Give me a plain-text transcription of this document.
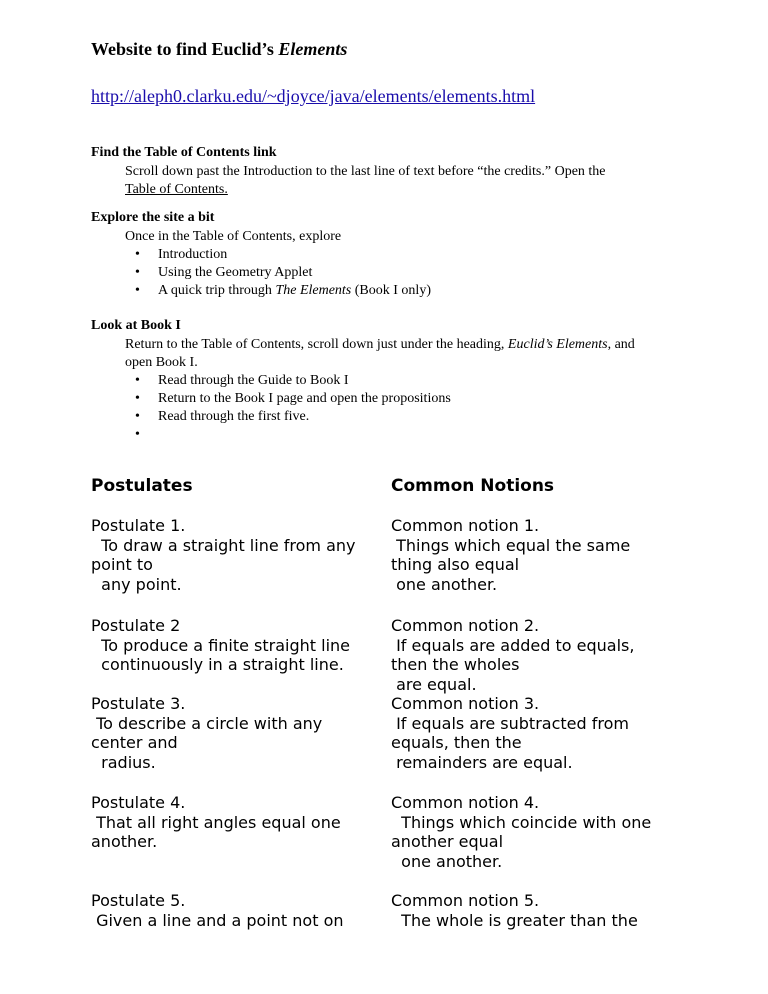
Website to find Euclid’s Elements
http://aleph0.clarku.edu/~djoyce/java/elements/elements.html
Find the Table of Contents link
Scroll down past the Introduction to the last line of text before “the credits.” Open the
Table of Contents.
Explore the site a bit
Once in the Table of Contents, explore
• Introduction
• Using the Geometry Applet
• A quick trip through The Elements (Book I only)
Look at Book I
Return to the Table of Contents, scroll down just under the heading, Euclid’s Elements, and
open Book I.
• Read through the Guide to Book I
• Return to the Book I page and open the propositions
• Read through the first five.
•
Postulates	Common Notions
Postulate 1.
To draw a straight line from any
point to
any point.
Postulate 2
To produce a finite straight line
continuously in a straight line.
Postulate 3.
To describe a circle with any
center and
radius.
Postulate 4.
That all right angles equal one
another.
Postulate 5.
Given a line and a point not on
Common notion 1.
Things which equal the same
thing also equal
one another.
Common notion 2.
If equals are added to equals,
then the wholes
are equal.
Common notion 3.
If equals are subtracted from
equals, then the
remainders are equal.
Common notion 4.
Things which coincide with one
another equal
one another.
Common notion 5.
The whole is greater than the
